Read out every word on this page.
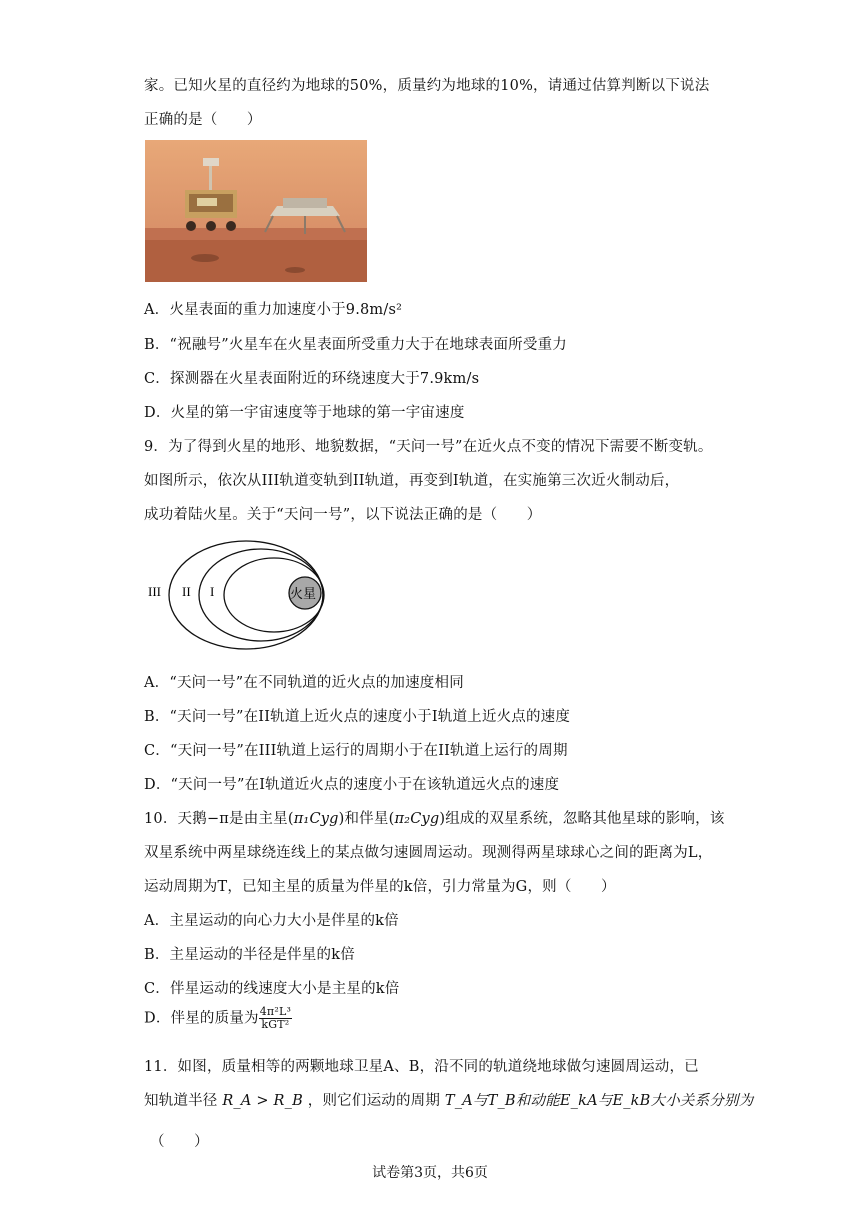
家。已知火星的直径约为地球的50%，质量约为地球的10%，请通过估算判断以下说法
正确的是（　　）
A．火星表面的重力加速度小于9.8m/s²
B．“祝融号”火星车在火星表面所受重力大于在地球表面所受重力
C．探测器在火星表面附近的环绕速度大于7.9km/s
D．火星的第一宇宙速度等于地球的第一宇宙速度
9．为了得到火星的地形、地貌数据，“天问一号”在近火点不变的情况下需要不断变轨。
如图所示，依次从III轨道变轨到II轨道，再变到I轨道，在实施第三次近火制动后，
成功着陆火星。关于“天问一号”，以下说法正确的是（　　）
III II I	火星
A．“天问一号”在不同轨道的近火点的加速度相同
B．“天问一号”在II轨道上近火点的速度小于I轨道上近火点的速度
C．“天问一号”在III轨道上运行的周期小于在II轨道上运行的周期
D．“天问一号”在I轨道近火点的速度小于在该轨道远火点的速度
10．天鹅−π是由主星(π₁Cyg)和伴星(π₂Cyg)组成的双星系统，忽略其他星球的影响，该
双星系统中两星球绕连线上的某点做匀速圆周运动。现测得两星球球心之间的距离为L，
运动周期为T，已知主星的质量为伴星的k倍，引力常量为G，则（　　）
A．主星运动的向心力大小是伴星的k倍
B．主星运动的半径是伴星的k倍
C．伴星运动的线速度大小是主星的k倍
D．伴星的质量为 $\frac{\text{4π²L³}}{\text{kGT²}}$
11．如图，质量相等的两颗地球卫星A、B，沿不同的轨道绕地球做匀速圆周运动，已
知轨道半径 R_A > R_B ，则它们运动的周期 T_A与T_B和动能E_kA与E_kB大小关系分别为
（　　）
试卷第3页，共6页
